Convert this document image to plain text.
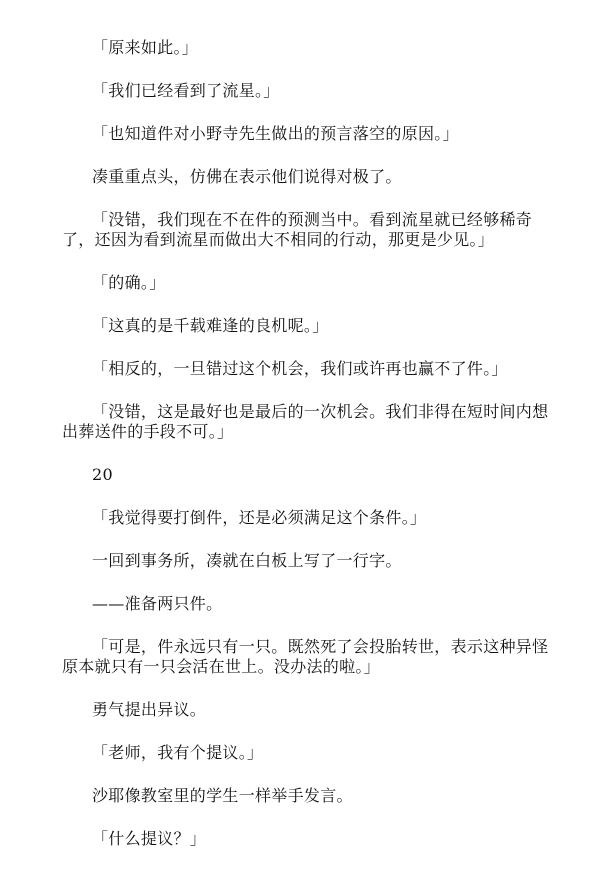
「原来如此。」

「我们已经看到了流星。」

「也知道件对小野寺先生做出的预言落空的原因。」

凑重重点头，仿佛在表示他们说得对极了。

「没错，我们现在不在件的预测当中。看到流星就已经够稀奇了，还因为看到流星而做出大不相同的行动，那更是少见。」

「的确。」

「这真的是千载难逢的良机呢。」

「相反的，一旦错过这个机会，我们或许再也赢不了件。」

「没错，这是最好也是最后的一次机会。我们非得在短时间内想出葬送件的手段不可。」

20

「我觉得要打倒件，还是必须满足这个条件。」

一回到事务所，凑就在白板上写了一行字。

——准备两只件。

「可是，件永远只有一只。既然死了会投胎转世，表示这种异怪原本就只有一只会活在世上。没办法的啦。」

勇气提出异议。

「老师，我有个提议。」

沙耶像教室里的学生一样举手发言。

「什么提议？」
